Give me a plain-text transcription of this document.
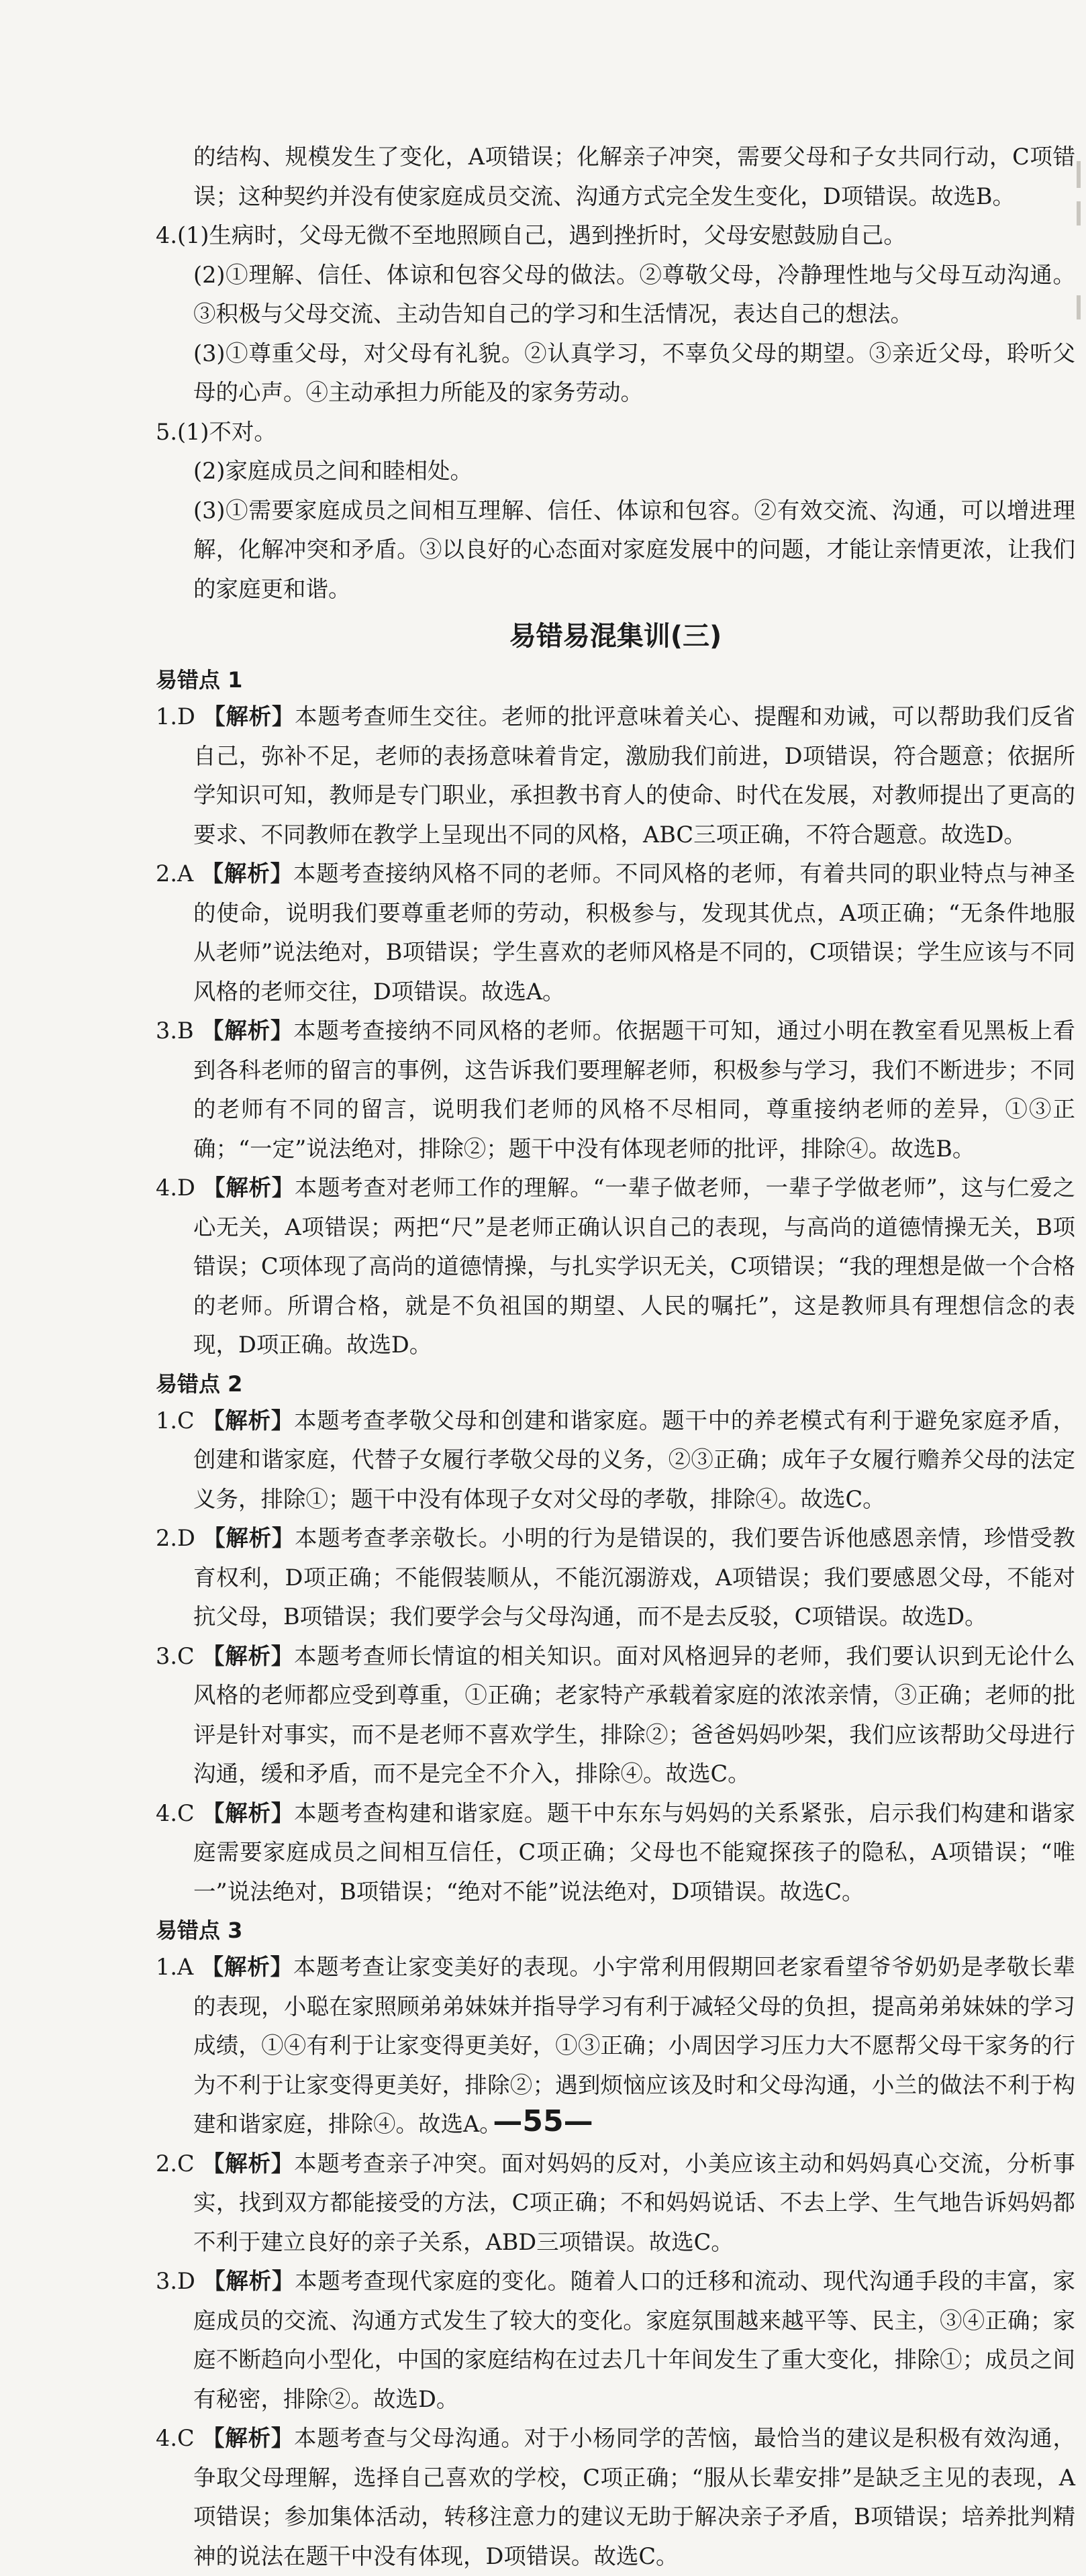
的结构、规模发生了变化，A项错误；化解亲子冲突，需要父母和子女共同行动，C项错误；这种契约并没有使家庭成员交流、沟通方式完全发生变化，D项错误。故选B。

4.(1)生病时，父母无微不至地照顾自己，遇到挫折时，父母安慰鼓励自己。

(2)①理解、信任、体谅和包容父母的做法。②尊敬父母，冷静理性地与父母互动沟通。③积极与父母交流、主动告知自己的学习和生活情况，表达自己的想法。

(3)①尊重父母，对父母有礼貌。②认真学习，不辜负父母的期望。③亲近父母，聆听父母的心声。④主动承担力所能及的家务劳动。

5.(1)不对。

(2)家庭成员之间和睦相处。

(3)①需要家庭成员之间相互理解、信任、体谅和包容。②有效交流、沟通，可以增进理解，化解冲突和矛盾。③以良好的心态面对家庭发展中的问题，才能让亲情更浓，让我们的家庭更和谐。

易错易混集训(三)
易错点 1

1.D 【解析】本题考查师生交往。老师的批评意味着关心、提醒和劝诫，可以帮助我们反省自己，弥补不足，老师的表扬意味着肯定，激励我们前进，D项错误，符合题意；依据所学知识可知，教师是专门职业，承担教书育人的使命、时代在发展，对教师提出了更高的要求、不同教师在教学上呈现出不同的风格，ABC三项正确，不符合题意。故选D。

2.A 【解析】本题考查接纳风格不同的老师。不同风格的老师，有着共同的职业特点与神圣的使命，说明我们要尊重老师的劳动，积极参与，发现其优点，A项正确；“无条件地服从老师”说法绝对，B项错误；学生喜欢的老师风格是不同的，C项错误；学生应该与不同风格的老师交往，D项错误。故选A。

3.B 【解析】本题考查接纳不同风格的老师。依据题干可知，通过小明在教室看见黑板上看到各科老师的留言的事例，这告诉我们要理解老师，积极参与学习，我们不断进步；不同的老师有不同的留言，说明我们老师的风格不尽相同，尊重接纳老师的差异，①③正确；“一定”说法绝对，排除②；题干中没有体现老师的批评，排除④。故选B。

4.D 【解析】本题考查对老师工作的理解。“一辈子做老师，一辈子学做老师”，这与仁爱之心无关，A项错误；两把“尺”是老师正确认识自己的表现，与高尚的道德情操无关，B项错误；C项体现了高尚的道德情操，与扎实学识无关，C项错误；“我的理想是做一个合格的老师。所谓合格，就是不负祖国的期望、人民的嘱托”，这是教师具有理想信念的表现，D项正确。故选D。

易错点 2

1.C 【解析】本题考查孝敬父母和创建和谐家庭。题干中的养老模式有利于避免家庭矛盾，创建和谐家庭，代替子女履行孝敬父母的义务，②③正确；成年子女履行赡养父母的法定义务，排除①；题干中没有体现子女对父母的孝敬，排除④。故选C。

2.D 【解析】本题考查孝亲敬长。小明的行为是错误的，我们要告诉他感恩亲情，珍惜受教育权利，D项正确；不能假装顺从，不能沉溺游戏，A项错误；我们要感恩父母，不能对抗父母，B项错误；我们要学会与父母沟通，而不是去反驳，C项错误。故选D。

3.C 【解析】本题考查师长情谊的相关知识。面对风格迥异的老师，我们要认识到无论什么风格的老师都应受到尊重，①正确；老家特产承载着家庭的浓浓亲情，③正确；老师的批评是针对事实，而不是老师不喜欢学生，排除②；爸爸妈妈吵架，我们应该帮助父母进行沟通，缓和矛盾，而不是完全不介入，排除④。故选C。

4.C 【解析】本题考查构建和谐家庭。题干中东东与妈妈的关系紧张，启示我们构建和谐家庭需要家庭成员之间相互信任，C项正确；父母也不能窥探孩子的隐私，A项错误；“唯一”说法绝对，B项错误；“绝对不能”说法绝对，D项错误。故选C。

易错点 3

1.A 【解析】本题考查让家变美好的表现。小宇常利用假期回老家看望爷爷奶奶是孝敬长辈的表现，小聪在家照顾弟弟妹妹并指导学习有利于减轻父母的负担，提高弟弟妹妹的学习成绩，①④有利于让家变得更美好，①③正确；小周因学习压力大不愿帮父母干家务的行为不利于让家变得更美好，排除②；遇到烦恼应该及时和父母沟通，小兰的做法不利于构建和谐家庭，排除④。故选A。

2.C 【解析】本题考查亲子冲突。面对妈妈的反对，小美应该主动和妈妈真心交流，分析事实，找到双方都能接受的方法，C项正确；不和妈妈说话、不去上学、生气地告诉妈妈都不利于建立良好的亲子关系，ABD三项错误。故选C。

3.D 【解析】本题考查现代家庭的变化。随着人口的迁移和流动、现代沟通手段的丰富，家庭成员的交流、沟通方式发生了较大的变化。家庭氛围越来越平等、民主，③④正确；家庭不断趋向小型化，中国的家庭结构在过去几十年间发生了重大变化，排除①；成员之间有秘密，排除②。故选D。

4.C 【解析】本题考查与父母沟通。对于小杨同学的苦恼，最恰当的建议是积极有效沟通，争取父母理解，选择自己喜欢的学校，C项正确；“服从长辈安排”是缺乏主见的表现，A项错误；参加集体活动，转移注意力的建议无助于解决亲子矛盾，B项错误；培养批判精神的说法在题干中没有体现，D项错误。故选C。

—55—
